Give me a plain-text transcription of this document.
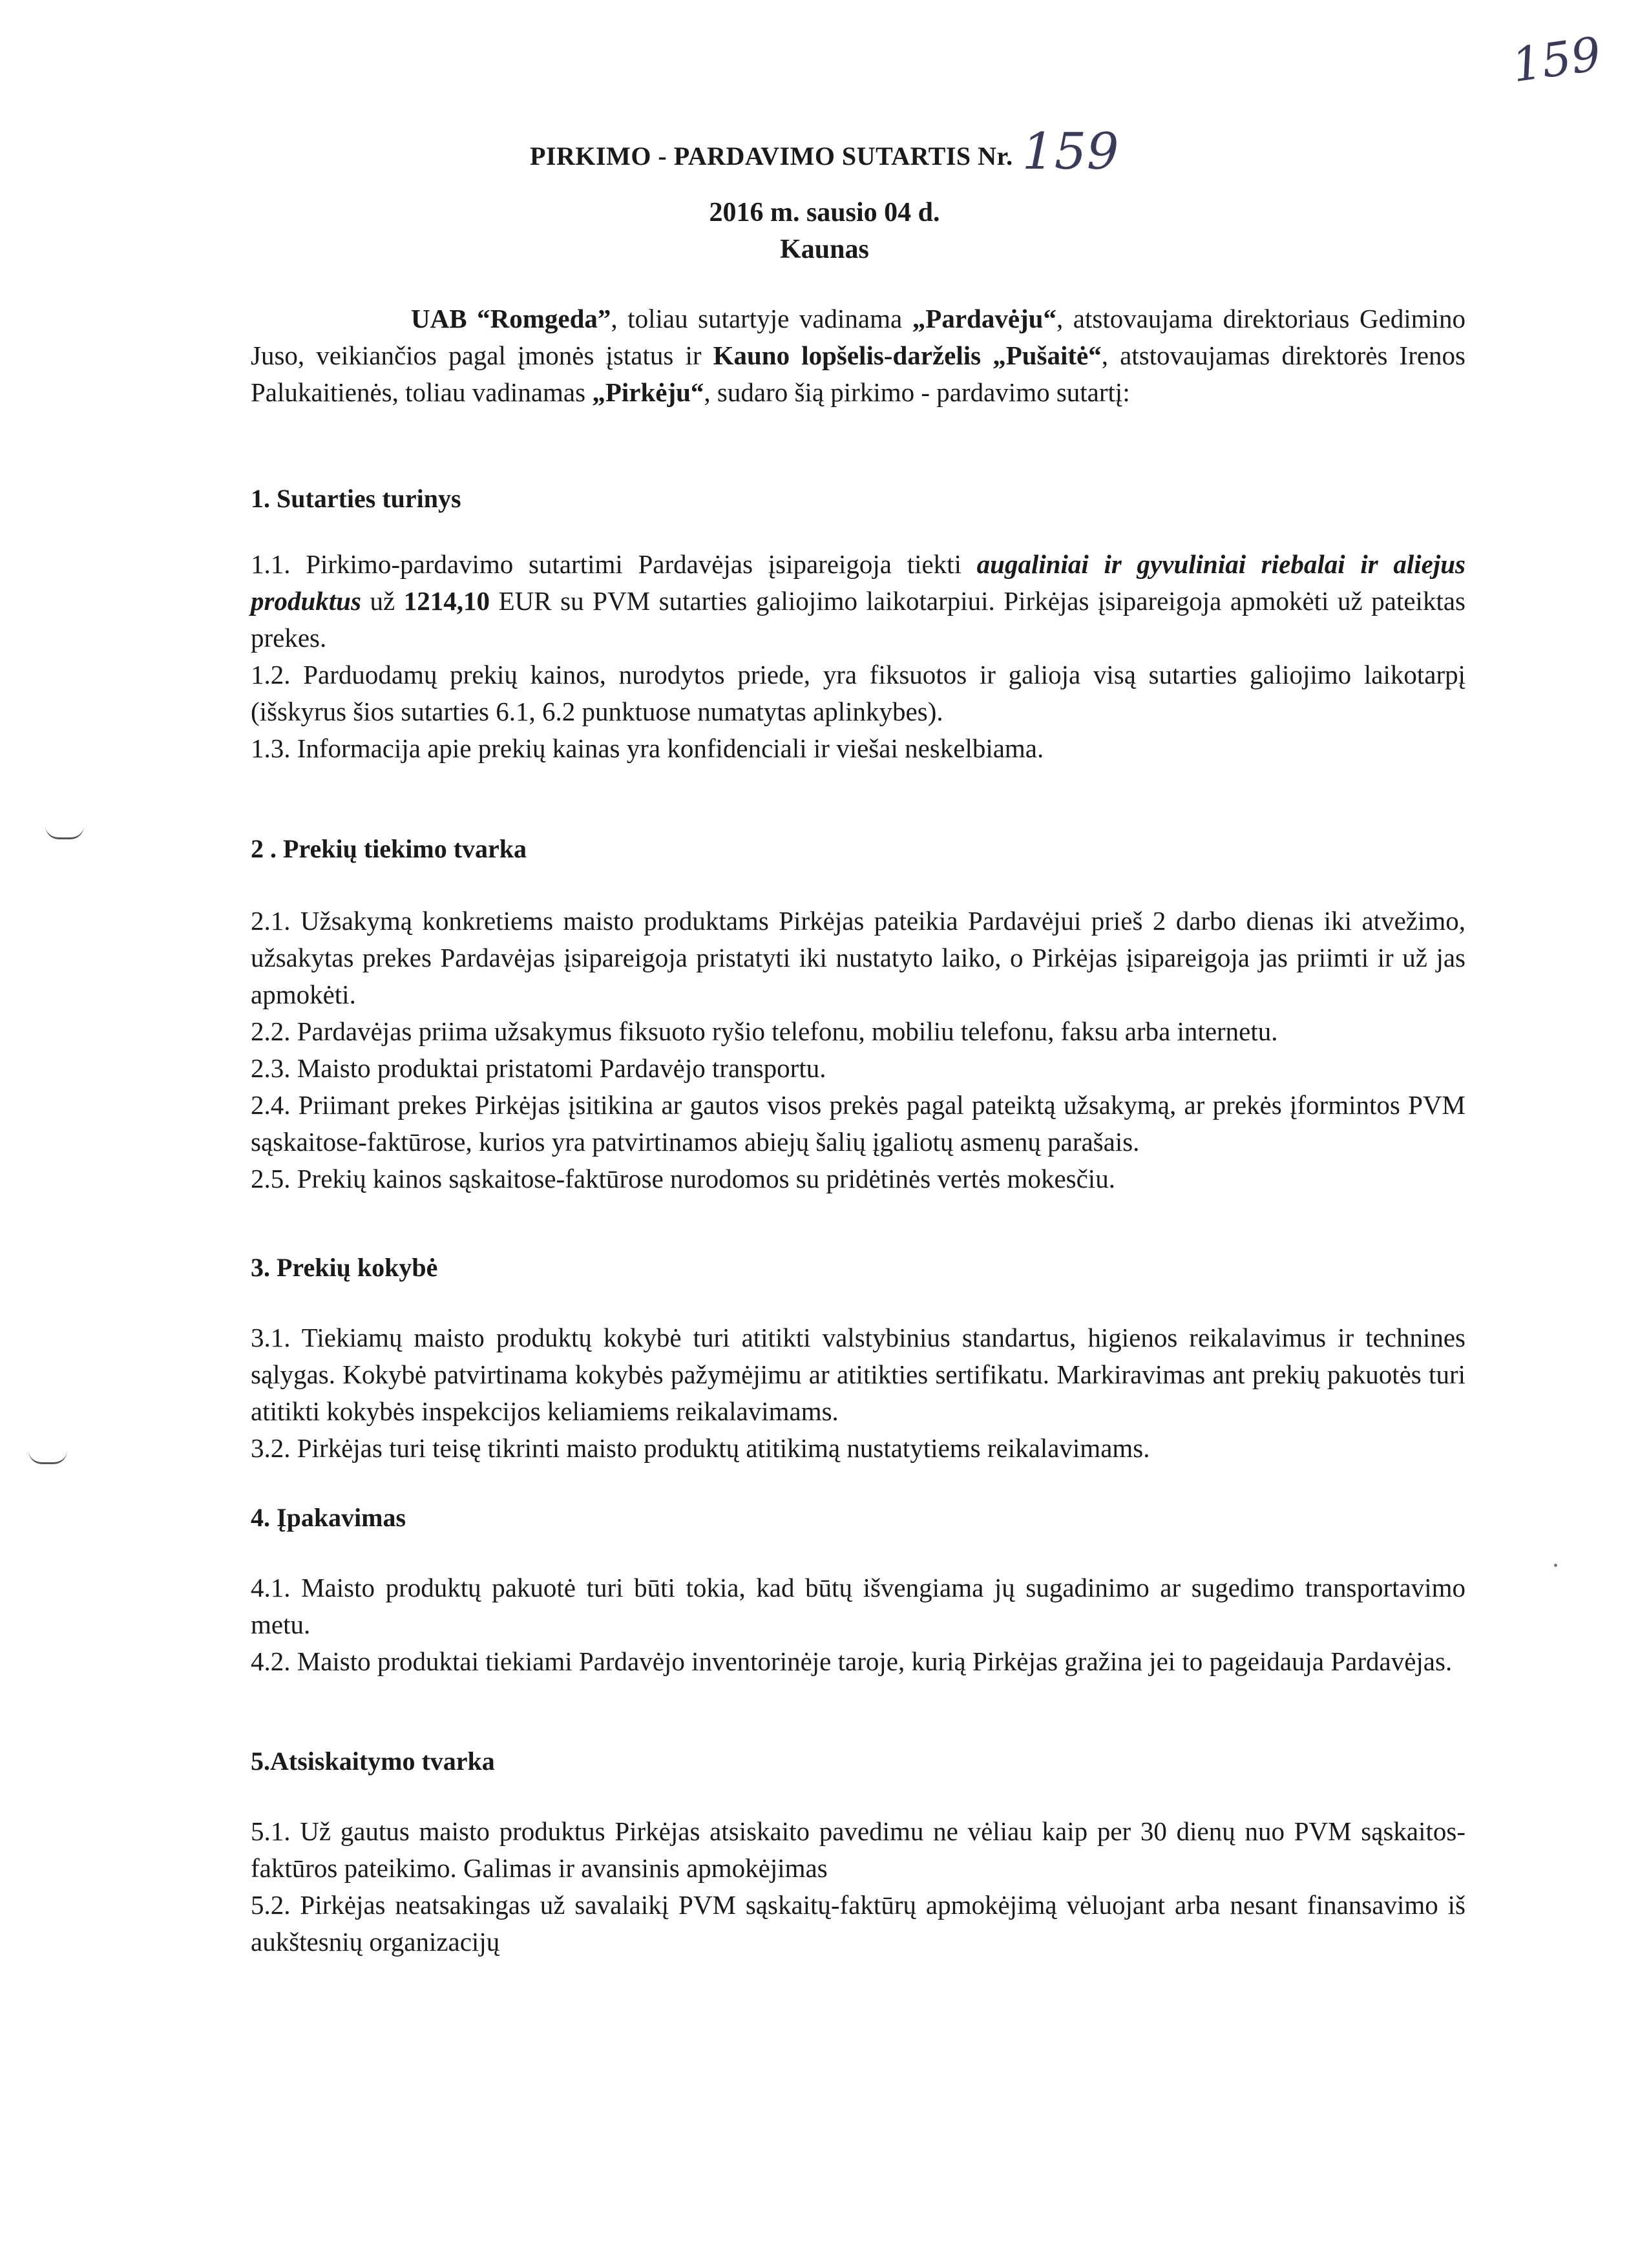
159
PIRKIMO - PARDAVIMO SUTARTIS Nr. 159
2016 m. sausio 04 d.
Kaunas

UAB “Romgeda”, toliau sutartyje vadinama „Pardavėju“, atstovaujama direktoriaus Gedimino Juso, veikiančios pagal įmonės įstatus ir Kauno lopšelis-darželis „Pušaitė“, atstovaujamas direktorės Irenos Palukaitienės, toliau vadinamas „Pirkėju“, sudaro šią pirkimo - pardavimo sutartį:

1. Sutarties turinys

1.1. Pirkimo-pardavimo sutartimi Pardavėjas įsipareigoja tiekti augaliniai ir gyvuliniai riebalai ir aliejus produktus už 1214,10 EUR su PVM sutarties galiojimo laikotarpiui. Pirkėjas įsipareigoja apmokėti už pateiktas prekes.

1.2. Parduodamų prekių kainos, nurodytos priede, yra fiksuotos ir galioja visą sutarties galiojimo laikotarpį (išskyrus šios sutarties 6.1, 6.2 punktuose numatytas aplinkybes).

1.3. Informacija apie prekių kainas yra konfidenciali ir viešai neskelbiama.

2 . Prekių tiekimo tvarka

2.1. Užsakymą konkretiems maisto produktams Pirkėjas pateikia Pardavėjui prieš 2 darbo dienas iki atvežimo, užsakytas prekes Pardavėjas įsipareigoja pristatyti iki nustatyto laiko, o Pirkėjas įsipareigoja jas priimti ir už jas apmokėti.

2.2. Pardavėjas priima užsakymus fiksuoto ryšio telefonu, mobiliu telefonu, faksu arba internetu.

2.3. Maisto produktai pristatomi Pardavėjo transportu.

2.4. Priimant prekes Pirkėjas įsitikina ar gautos visos prekės pagal pateiktą užsakymą, ar prekės įformintos PVM sąskaitose-faktūrose, kurios yra patvirtinamos abiejų šalių įgaliotų asmenų parašais.

2.5. Prekių kainos sąskaitose-faktūrose nurodomos su pridėtinės vertės mokesčiu.

3. Prekių kokybė

3.1. Tiekiamų maisto produktų kokybė turi atitikti valstybinius standartus, higienos reikalavimus ir technines sąlygas. Kokybė patvirtinama kokybės pažymėjimu ar atitikties sertifikatu. Markiravimas ant prekių pakuotės turi atitikti kokybės inspekcijos keliamiems reikalavimams.

3.2. Pirkėjas turi teisę tikrinti maisto produktų atitikimą nustatytiems reikalavimams.

4. Įpakavimas

4.1. Maisto produktų pakuotė turi būti tokia, kad būtų išvengiama jų sugadinimo ar sugedimo transportavimo metu.

4.2. Maisto produktai tiekiami Pardavėjo inventorinėje taroje, kurią Pirkėjas gražina jei to pageidauja Pardavėjas.

5.Atsiskaitymo tvarka

5.1. Už gautus maisto produktus Pirkėjas atsiskaito pavedimu ne vėliau kaip per 30 dienų nuo PVM sąskaitos-faktūros pateikimo. Galimas ir avansinis apmokėjimas

5.2. Pirkėjas neatsakingas už savalaikį PVM sąskaitų-faktūrų apmokėjimą vėluojant arba nesant finansavimo iš aukštesnių organizacijų
